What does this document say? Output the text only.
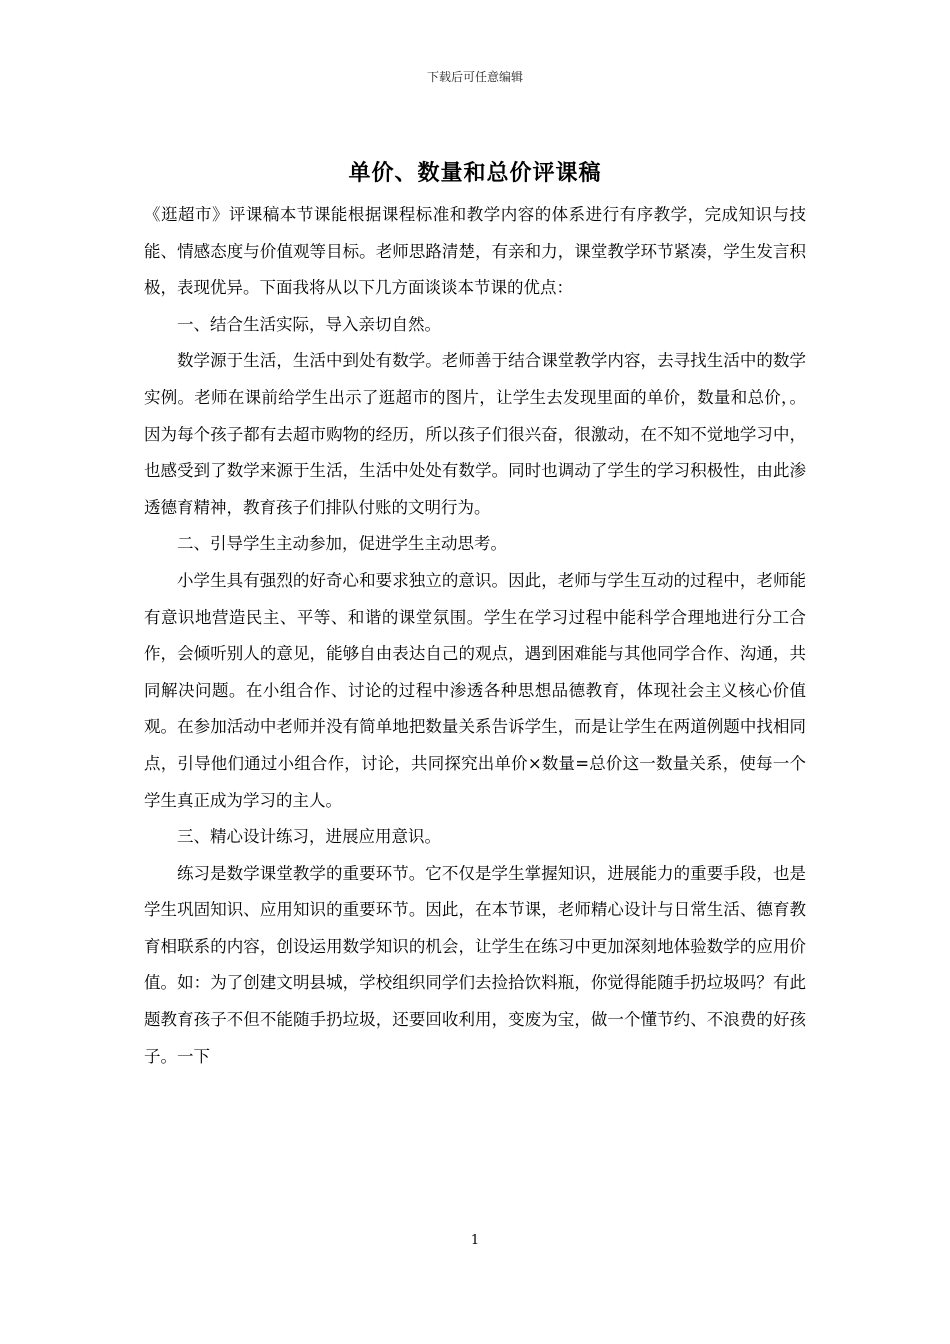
下载后可任意编辑
单价、数量和总价评课稿

《逛超市》评课稿本节课能根据课程标准和教学内容的体系进行有序教学，完成知识与技能、情感态度与价值观等目标。老师思路清楚，有亲和力，课堂教学环节紧凑，学生发言积极，表现优异。下面我将从以下几方面谈谈本节课的优点：

一、结合生活实际，导入亲切自然。

数学源于生活，生活中到处有数学。老师善于结合课堂教学内容，去寻找生活中的数学实例。老师在课前给学生出示了逛超市的图片，让学生去发现里面的单价，数量和总价，。因为每个孩子都有去超市购物的经历，所以孩子们很兴奋，很激动，在不知不觉地学习中，也感受到了数学来源于生活，生活中处处有数学。同时也调动了学生的学习积极性，由此渗透德育精神，教育孩子们排队付账的文明行为。

二、引导学生主动参加，促进学生主动思考。

小学生具有强烈的好奇心和要求独立的意识。因此，老师与学生互动的过程中，老师能有意识地营造民主、平等、和谐的课堂氛围。学生在学习过程中能科学合理地进行分工合作，会倾听别人的意见，能够自由表达自己的观点，遇到困难能与其他同学合作、沟通，共同解决问题。在小组合作、讨论的过程中渗透各种思想品德教育，体现社会主义核心价值观。在参加活动中老师并没有简单地把数量关系告诉学生，而是让学生在两道例题中找相同点，引导他们通过小组合作，讨论，共同探究出单价×数量=总价这一数量关系，使每一个学生真正成为学习的主人。

三、精心设计练习，进展应用意识。

练习是数学课堂教学的重要环节。它不仅是学生掌握知识，进展能力的重要手段，也是学生巩固知识、应用知识的重要环节。因此，在本节课，老师精心设计与日常生活、德育教育相联系的内容，创设运用数学知识的机会，让学生在练习中更加深刻地体验数学的应用价值。如：为了创建文明县城，学校组织同学们去捡拾饮料瓶，你觉得能随手扔垃圾吗？有此题教育孩子不但不能随手扔垃圾，还要回收利用，变废为宝，做一个懂节约、不浪费的好孩子。一下

1
